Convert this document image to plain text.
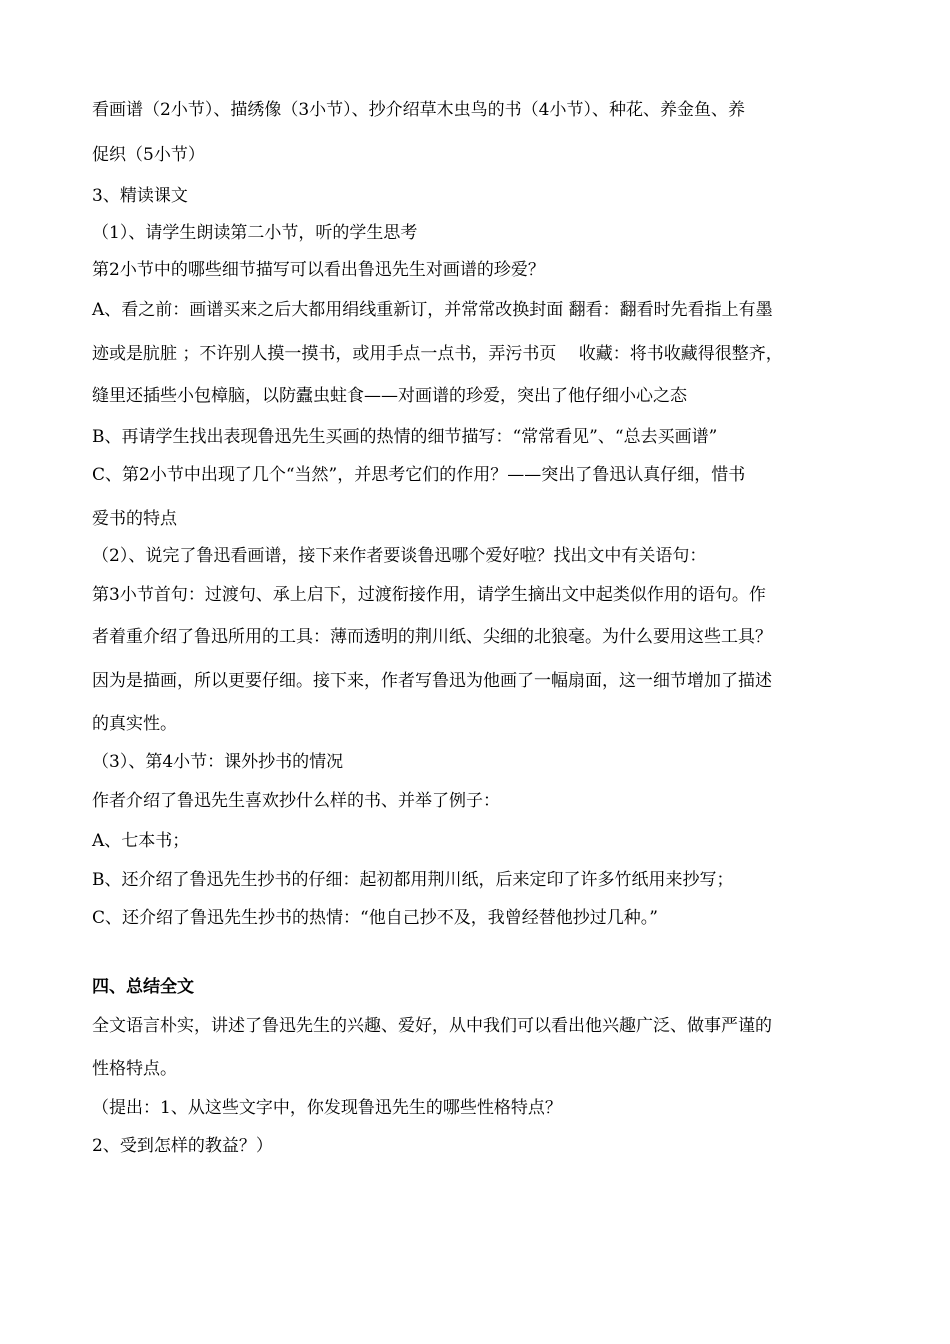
看画谱（2小节）、描绣像（3小节）、抄介绍草木虫鸟的书（4小节）、种花、养金鱼、养
促织（5小节）
3、精读课文
（1）、请学生朗读第二小节，听的学生思考
第2小节中的哪些细节描写可以看出鲁迅先生对画谱的珍爱？
A、看之前：画谱买来之后大都用绢线重新订，并常常改换封面 翻看：翻看时先看指上有墨
迹或是肮脏 ；不许别人摸一摸书，或用手点一点书，弄污书页　 收藏：将书收藏得很整齐，
缝里还插些小包樟脑，以防蠹虫蛀食——对画谱的珍爱，突出了他仔细小心之态
B、再请学生找出表现鲁迅先生买画的热情的细节描写：“常常看见”、“总去买画谱”
C、第2小节中出现了几个“当然”，并思考它们的作用？——突出了鲁迅认真仔细，惜书
爱书的特点
（2）、说完了鲁迅看画谱，接下来作者要谈鲁迅哪个爱好啦？找出文中有关语句：
第3小节首句：过渡句、承上启下，过渡衔接作用，请学生摘出文中起类似作用的语句。作
者着重介绍了鲁迅所用的工具：薄而透明的荆川纸、尖细的北狼毫。为什么要用这些工具？
因为是描画，所以更要仔细。接下来，作者写鲁迅为他画了一幅扇面，这一细节增加了描述
的真实性。
（3）、第4小节：课外抄书的情况
作者介绍了鲁迅先生喜欢抄什么样的书、并举了例子：
A、七本书；
B、还介绍了鲁迅先生抄书的仔细：起初都用荆川纸，后来定印了许多竹纸用来抄写；
C、还介绍了鲁迅先生抄书的热情：“他自己抄不及，我曾经替他抄过几种。”
四、总结全文
全文语言朴实，讲述了鲁迅先生的兴趣、爱好，从中我们可以看出他兴趣广泛、做事严谨的
性格特点。
（提出：1、从这些文字中，你发现鲁迅先生的哪些性格特点？
2、受到怎样的教益？）
